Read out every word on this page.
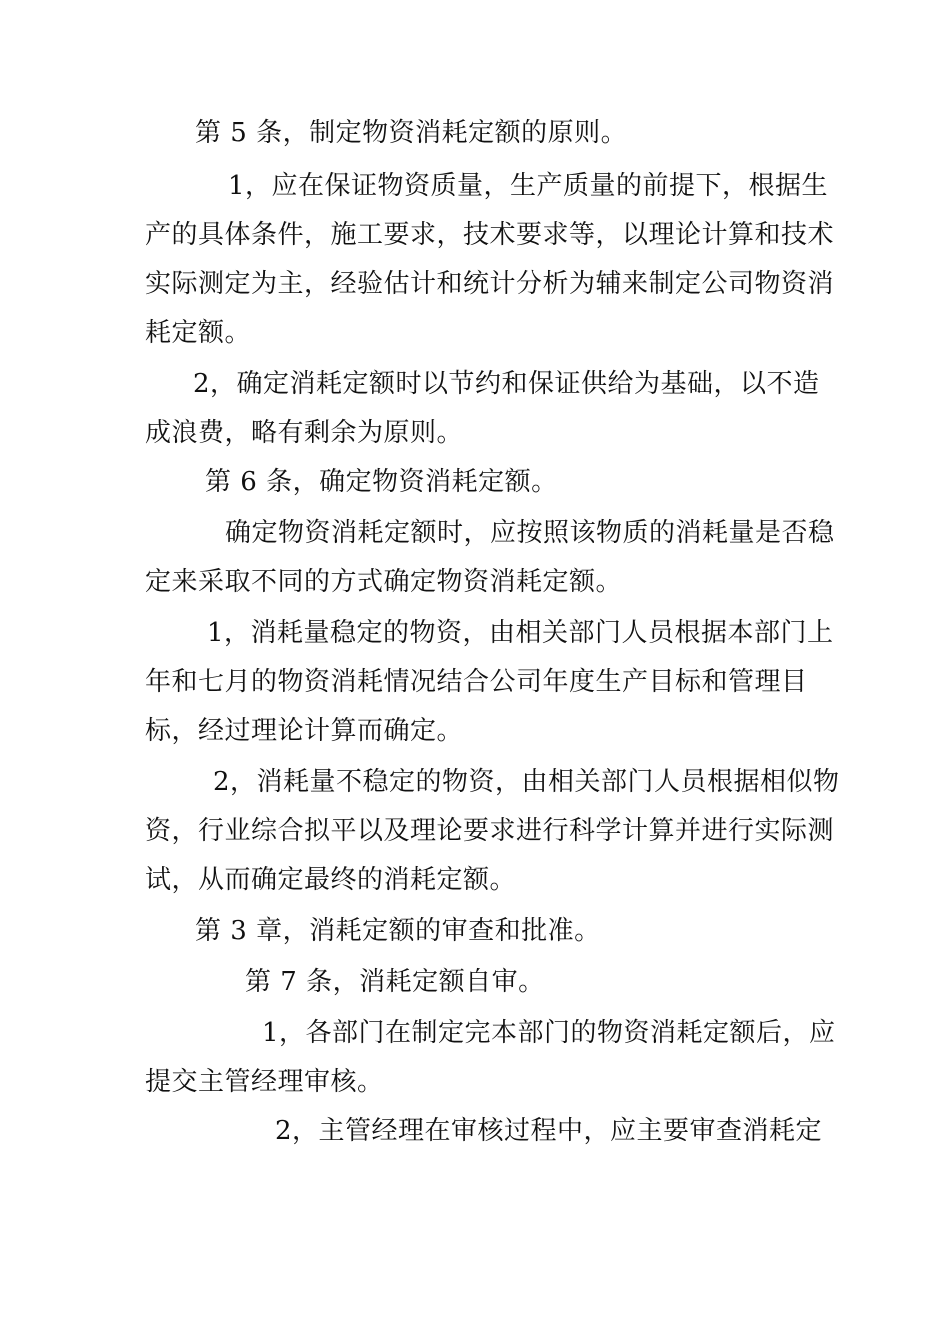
第 5 条，制定物资消耗定额的原则。
1，应在保证物资质量，生产质量的前提下，根据生
产的具体条件，施工要求，技术要求等，以理论计算和技术
实际测定为主，经验估计和统计分析为辅来制定公司物资消
耗定额。
2，确定消耗定额时以节约和保证供给为基础，以不造
成浪费，略有剩余为原则。
第 6 条，确定物资消耗定额。
确定物资消耗定额时，应按照该物质的消耗量是否稳
定来采取不同的方式确定物资消耗定额。
1，消耗量稳定的物资，由相关部门人员根据本部门上
年和七月的物资消耗情况结合公司年度生产目标和管理目
标，经过理论计算而确定。
2，消耗量不稳定的物资，由相关部门人员根据相似物
资，行业综合拟平以及理论要求进行科学计算并进行实际测
试，从而确定最终的消耗定额。
第 3 章，消耗定额的审查和批准。
第 7 条，消耗定额自审。
1，各部门在制定完本部门的物资消耗定额后，应
提交主管经理审核。
2，主管经理在审核过程中，应主要审查消耗定
